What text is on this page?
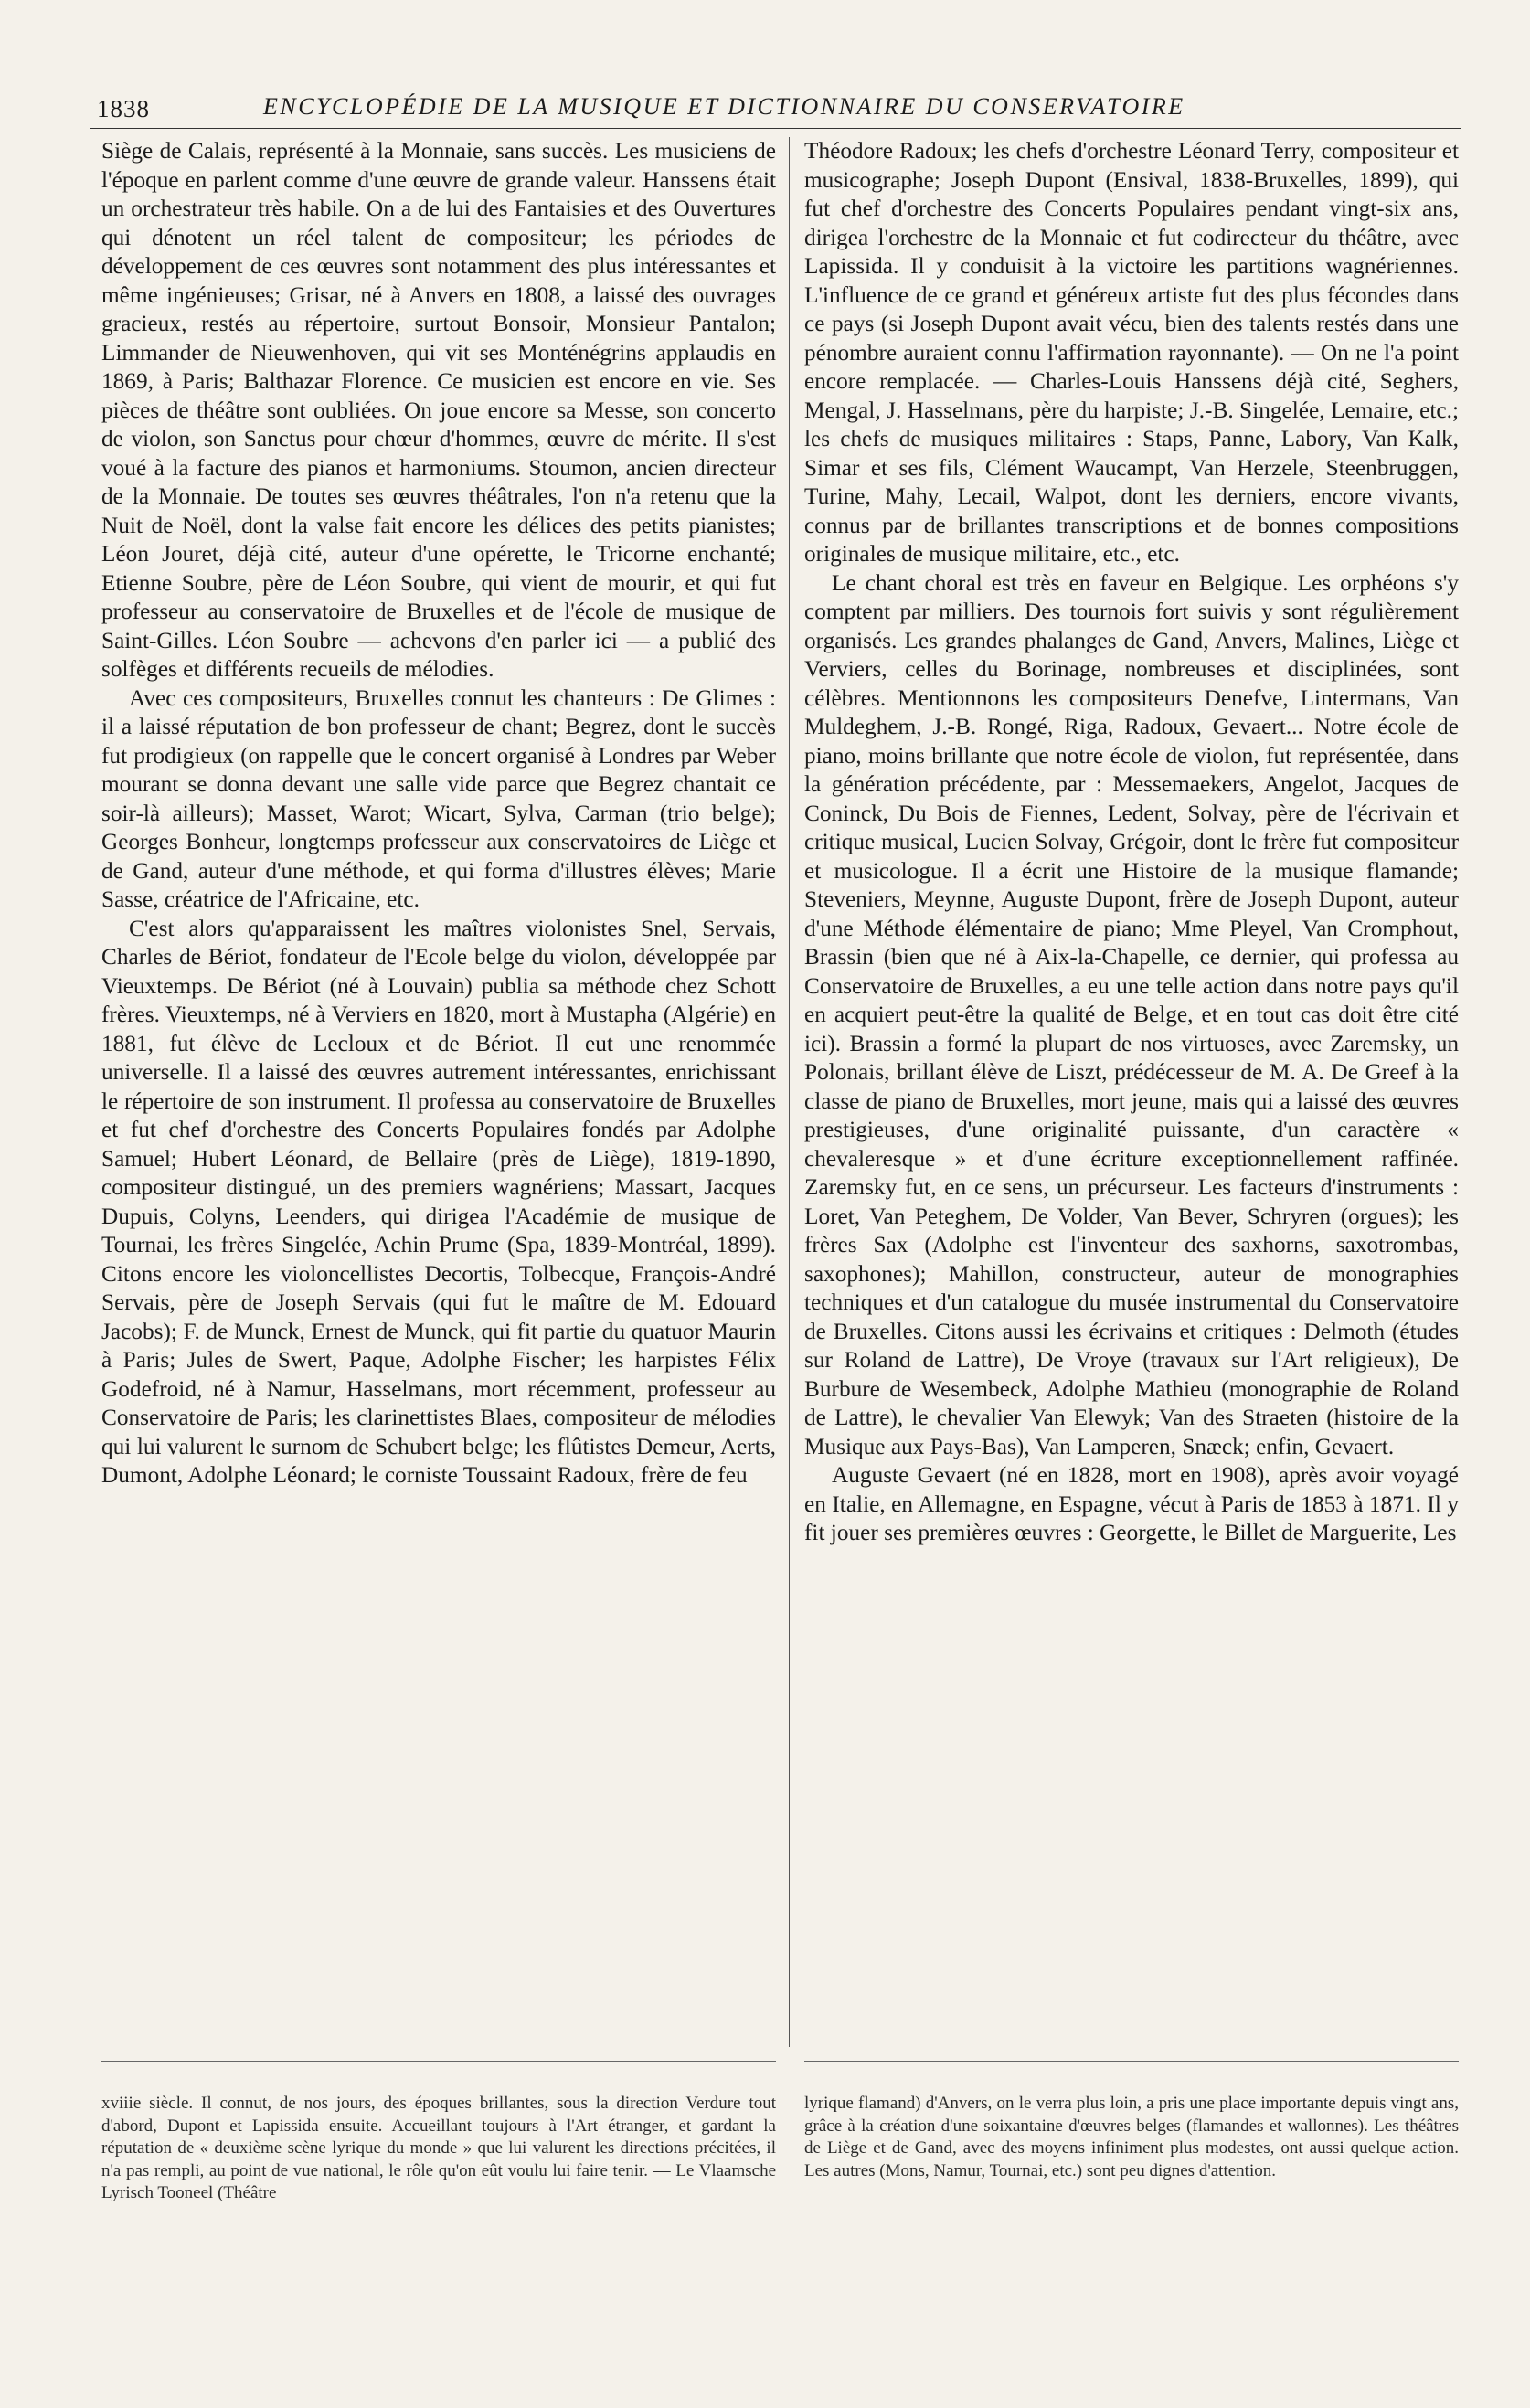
1838	ENCYCLOPÉDIE DE LA MUSIQUE ET DICTIONNAIRE DU CONSERVATOIRE

Siège de Calais, représenté à la Monnaie, sans succès. Les musiciens de l'époque en parlent comme d'une œuvre de grande valeur. Hanssens était un orchestrateur très habile. On a de lui des Fantaisies et des Ouvertures qui dénotent un réel talent de compositeur; les périodes de développement de ces œuvres sont notamment des plus intéressantes et même ingénieuses; Grisar, né à Anvers en 1808, a laissé des ouvrages gracieux, restés au répertoire, surtout Bonsoir, Monsieur Pantalon; Limmander de Nieuwenhoven, qui vit ses Monténégrins applaudis en 1869, à Paris; Balthazar Florence. Ce musicien est encore en vie. Ses pièces de théâtre sont oubliées. On joue encore sa Messe, son concerto de violon, son Sanctus pour chœur d'hommes, œuvre de mérite. Il s'est voué à la facture des pianos et harmoniums. Stoumon, ancien directeur de la Monnaie. De toutes ses œuvres théâtrales, l'on n'a retenu que la Nuit de Noël, dont la valse fait encore les délices des petits pianistes; Léon Jouret, déjà cité, auteur d'une opérette, le Tricorne enchanté; Etienne Soubre, père de Léon Soubre, qui vient de mourir, et qui fut professeur au conservatoire de Bruxelles et de l'école de musique de Saint-Gilles. Léon Soubre — achevons d'en parler ici — a publié des solfèges et différents recueils de mélodies.

Avec ces compositeurs, Bruxelles connut les chanteurs : De Glimes : il a laissé réputation de bon professeur de chant; Begrez, dont le succès fut prodigieux (on rappelle que le concert organisé à Londres par Weber mourant se donna devant une salle vide parce que Begrez chantait ce soir-là ailleurs); Masset, Warot; Wicart, Sylva, Carman (trio belge); Georges Bonheur, longtemps professeur aux conservatoires de Liège et de Gand, auteur d'une méthode, et qui forma d'illustres élèves; Marie Sasse, créatrice de l'Africaine, etc.

C'est alors qu'apparaissent les maîtres violonistes Snel, Servais, Charles de Bériot, fondateur de l'Ecole belge du violon, développée par Vieuxtemps. De Bériot (né à Louvain) publia sa méthode chez Schott frères. Vieuxtemps, né à Verviers en 1820, mort à Mustapha (Algérie) en 1881, fut élève de Lecloux et de Bériot. Il eut une renommée universelle. Il a laissé des œuvres autrement intéressantes, enrichissant le répertoire de son instrument. Il professa au conservatoire de Bruxelles et fut chef d'orchestre des Concerts Populaires fondés par Adolphe Samuel; Hubert Léonard, de Bellaire (près de Liège), 1819-1890, compositeur distingué, un des premiers wagnériens; Massart, Jacques Dupuis, Colyns, Leenders, qui dirigea l'Académie de musique de Tournai, les frères Singelée, Achin Prume (Spa, 1839-Montréal, 1899). Citons encore les violoncellistes Decortis, Tolbecque, François-André Servais, père de Joseph Servais (qui fut le maître de M. Edouard Jacobs); F. de Munck, Ernest de Munck, qui fit partie du quatuor Maurin à Paris; Jules de Swert, Paque, Adolphe Fischer; les harpistes Félix Godefroid, né à Namur, Hasselmans, mort récemment, professeur au Conservatoire de Paris; les clarinettistes Blaes, compositeur de mélodies qui lui valurent le surnom de Schubert belge; les flûtistes Demeur, Aerts, Dumont, Adolphe Léonard; le corniste Toussaint Radoux, frère de feu

Théodore Radoux; les chefs d'orchestre Léonard Terry, compositeur et musicographe; Joseph Dupont (Ensival, 1838-Bruxelles, 1899), qui fut chef d'orchestre des Concerts Populaires pendant vingt-six ans, dirigea l'orchestre de la Monnaie et fut codirecteur du théâtre, avec Lapissida. Il y conduisit à la victoire les partitions wagnériennes. L'influence de ce grand et généreux artiste fut des plus fécondes dans ce pays (si Joseph Dupont avait vécu, bien des talents restés dans une pénombre auraient connu l'affirmation rayonnante). — On ne l'a point encore remplacée. — Charles-Louis Hanssens déjà cité, Seghers, Mengal, J. Hasselmans, père du harpiste; J.-B. Singelée, Lemaire, etc.; les chefs de musiques militaires : Staps, Panne, Labory, Van Kalk, Simar et ses fils, Clément Waucampt, Van Herzele, Steenbruggen, Turine, Mahy, Lecail, Walpot, dont les derniers, encore vivants, connus par de brillantes transcriptions et de bonnes compositions originales de musique militaire, etc., etc.

Le chant choral est très en faveur en Belgique. Les orphéons s'y comptent par milliers. Des tournois fort suivis y sont régulièrement organisés. Les grandes phalanges de Gand, Anvers, Malines, Liège et Verviers, celles du Borinage, nombreuses et disciplinées, sont célèbres. Mentionnons les compositeurs Denefve, Lintermans, Van Muldeghem, J.-B. Rongé, Riga, Radoux, Gevaert... Notre école de piano, moins brillante que notre école de violon, fut représentée, dans la génération précédente, par : Messemaekers, Angelot, Jacques de Coninck, Du Bois de Fiennes, Ledent, Solvay, père de l'écrivain et critique musical, Lucien Solvay, Grégoir, dont le frère fut compositeur et musicologue. Il a écrit une Histoire de la musique flamande; Steveniers, Meynne, Auguste Dupont, frère de Joseph Dupont, auteur d'une Méthode élémentaire de piano; Mme Pleyel, Van Cromphout, Brassin (bien que né à Aix-la-Chapelle, ce dernier, qui professa au Conservatoire de Bruxelles, a eu une telle action dans notre pays qu'il en acquiert peut-être la qualité de Belge, et en tout cas doit être cité ici). Brassin a formé la plupart de nos virtuoses, avec Zaremsky, un Polonais, brillant élève de Liszt, prédécesseur de M. A. De Greef à la classe de piano de Bruxelles, mort jeune, mais qui a laissé des œuvres prestigieuses, d'une originalité puissante, d'un caractère « chevaleresque » et d'une écriture exceptionnellement raffinée. Zaremsky fut, en ce sens, un précurseur. Les facteurs d'instruments : Loret, Van Peteghem, De Volder, Van Bever, Schryren (orgues); les frères Sax (Adolphe est l'inventeur des saxhorns, saxotrombas, saxophones); Mahillon, constructeur, auteur de monographies techniques et d'un catalogue du musée instrumental du Conservatoire de Bruxelles. Citons aussi les écrivains et critiques : Delmoth (études sur Roland de Lattre), De Vroye (travaux sur l'Art religieux), De Burbure de Wesembeck, Adolphe Mathieu (monographie de Roland de Lattre), le chevalier Van Elewyk; Van des Straeten (histoire de la Musique aux Pays-Bas), Van Lamperen, Snæck; enfin, Gevaert.

Auguste Gevaert (né en 1828, mort en 1908), après avoir voyagé en Italie, en Allemagne, en Espagne, vécut à Paris de 1853 à 1871. Il y fit jouer ses premières œuvres : Georgette, le Billet de Marguerite, Les

xviiie siècle. Il connut, de nos jours, des époques brillantes, sous la direction Verdure tout d'abord, Dupont et Lapissida ensuite. Accueillant toujours à l'Art étranger, et gardant la réputation de « deuxième scène lyrique du monde » que lui valurent les directions précitées, il n'a pas rempli, au point de vue national, le rôle qu'on eût voulu lui faire tenir. — Le Vlaamsche Lyrisch Tooneel (Théâtre
lyrique flamand) d'Anvers, on le verra plus loin, a pris une place importante depuis vingt ans, grâce à la création d'une soixantaine d'œuvres belges (flamandes et wallonnes). Les théâtres de Liège et de Gand, avec des moyens infiniment plus modestes, ont aussi quelque action. Les autres (Mons, Namur, Tournai, etc.) sont peu dignes d'attention.
